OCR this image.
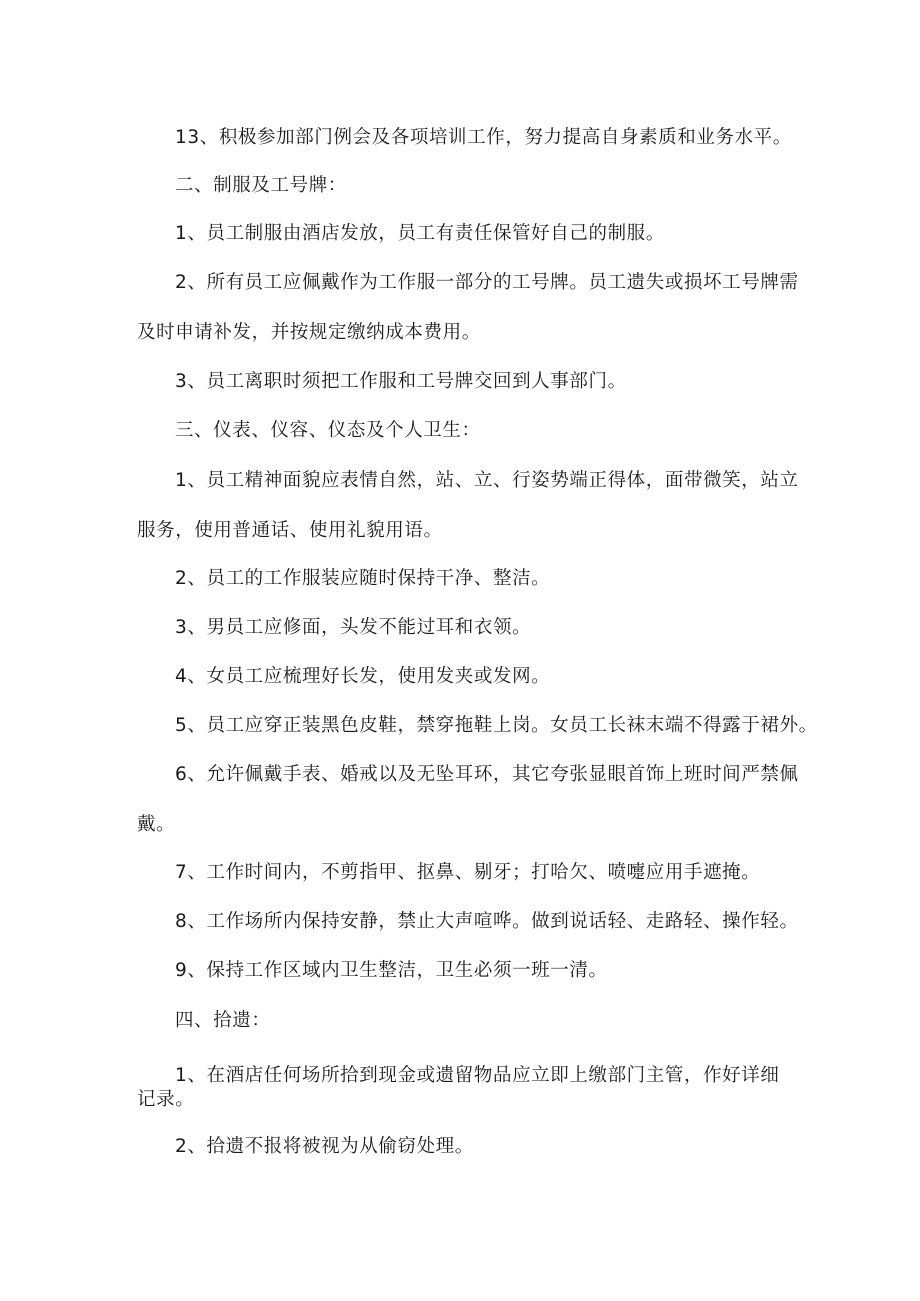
13、积极参加部门例会及各项培训工作，努力提高自身素质和业务水平。

二、制服及工号牌：

1、员工制服由酒店发放，员工有责任保管好自己的制服。

2、所有员工应佩戴作为工作服一部分的工号牌。员工遗失或损坏工号牌需

及时申请补发，并按规定缴纳成本费用。

3、员工离职时须把工作服和工号牌交回到人事部门。

三、仪表、仪容、仪态及个人卫生：

1、员工精神面貌应表情自然，站、立、行姿势端正得体，面带微笑，站立

服务，使用普通话、使用礼貌用语。

2、员工的工作服装应随时保持干净、整洁。

3、男员工应修面，头发不能过耳和衣领。

4、女员工应梳理好长发，使用发夹或发网。

5、员工应穿正装黑色皮鞋，禁穿拖鞋上岗。女员工长袜末端不得露于裙外。

6、允许佩戴手表、婚戒以及无坠耳环，其它夸张显眼首饰上班时间严禁佩

戴。

7、工作时间内，不剪指甲、抠鼻、剔牙；打哈欠、喷嚏应用手遮掩。

8、工作场所内保持安静，禁止大声喧哗。做到说话轻、走路轻、操作轻。

9、保持工作区域内卫生整洁，卫生必须一班一清。

四、拾遗：

1、在酒店任何场所拾到现金或遗留物品应立即上缴部门主管，作好详细

记录。

2、拾遗不报将被视为从偷窃处理。
